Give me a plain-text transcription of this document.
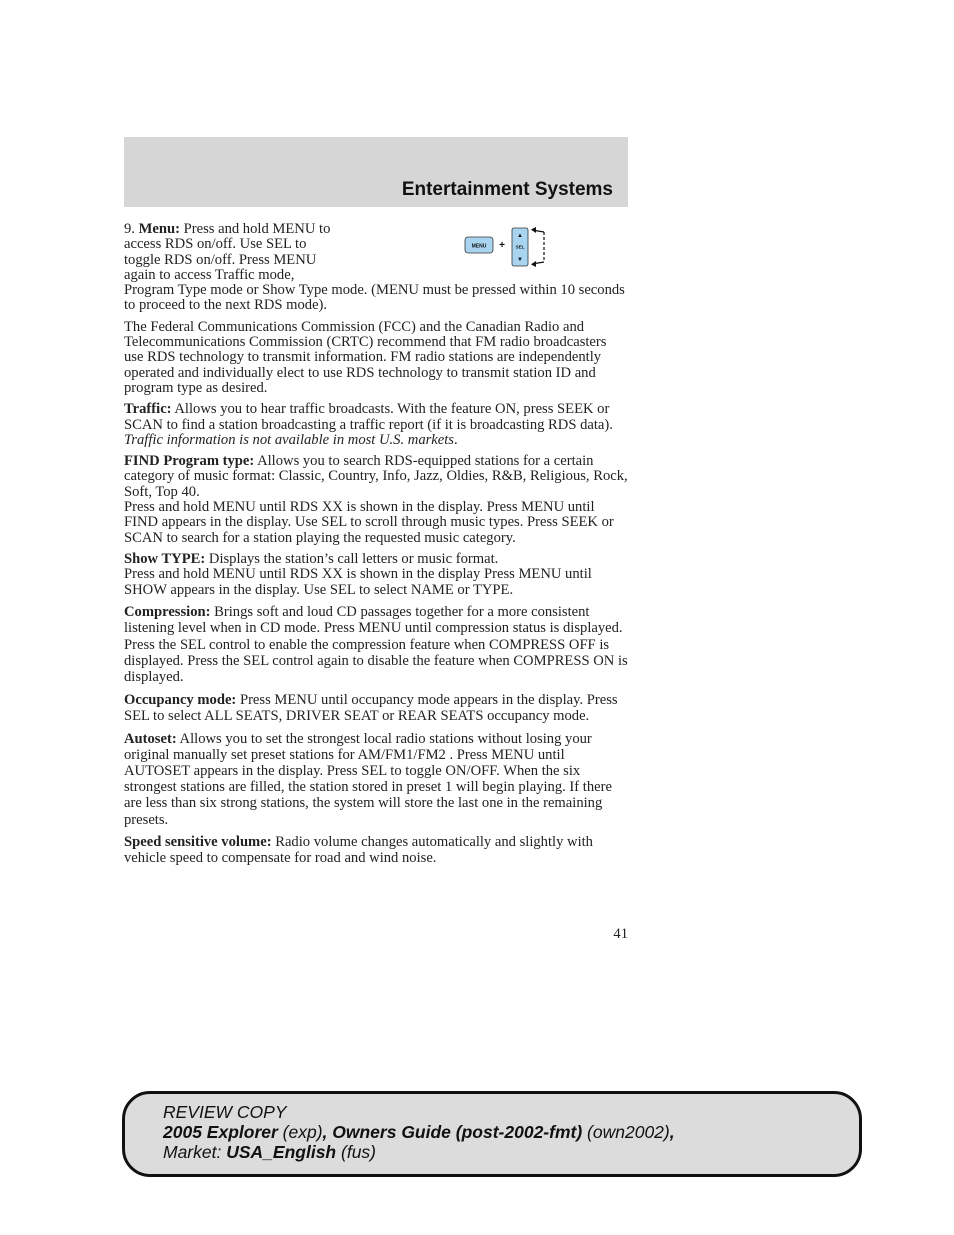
Entertainment Systems
MENU +
▲
SEL
▼

9. Menu: Press and hold MENU to
access RDS on/off. Use SEL to
toggle RDS on/off. Press MENU
again to access Traffic mode,
Program Type mode or Show Type mode. (MENU must be pressed within 10 seconds to proceed to the next RDS mode).

The Federal Communications Commission (FCC) and the Canadian Radio and Telecommunications Commission (CRTC) recommend that FM radio broadcasters use RDS technology to transmit information. FM radio stations are independently operated and individually elect to use RDS technology to transmit station ID and program type as desired.

Traffic: Allows you to hear traffic broadcasts. With the feature ON, press SEEK or SCAN to find a station broadcasting a traffic report (if it is broadcasting RDS data). Traffic information is not available in most U.S. markets.

FIND Program type: Allows you to search RDS-equipped stations for a certain category of music format: Classic, Country, Info, Jazz, Oldies, R&B, Religious, Rock, Soft, Top 40.
Press and hold MENU until RDS XX is shown in the display. Press MENU until FIND appears in the display. Use SEL to scroll through music types. Press SEEK or SCAN to search for a station playing the requested music category.

Show TYPE: Displays the station’s call letters or music format.
Press and hold MENU until RDS XX is shown in the display Press MENU until SHOW appears in the display. Use SEL to select NAME or TYPE.

Compression: Brings soft and loud CD passages together for a more consistent listening level when in CD mode. Press MENU until compression status is displayed. Press the SEL control to enable the compression feature when COMPRESS OFF is displayed. Press the SEL control again to disable the feature when COMPRESS ON is displayed.

Occupancy mode: Press MENU until occupancy mode appears in the display. Press SEL to select ALL SEATS, DRIVER SEAT or REAR SEATS occupancy mode.

Autoset: Allows you to set the strongest local radio stations without losing your original manually set preset stations for AM/FM1/FM2 . Press MENU until AUTOSET appears in the display. Press SEL to toggle ON/OFF. When the six strongest stations are filled, the station stored in preset 1 will begin playing. If there are less than six strong stations, the system will store the last one in the remaining presets.

Speed sensitive volume: Radio volume changes automatically and slightly with vehicle speed to compensate for road and wind noise.

41
REVIEW COPY
2005 Explorer (exp), Owners Guide (post-2002-fmt) (own2002),
Market: USA_English (fus)
